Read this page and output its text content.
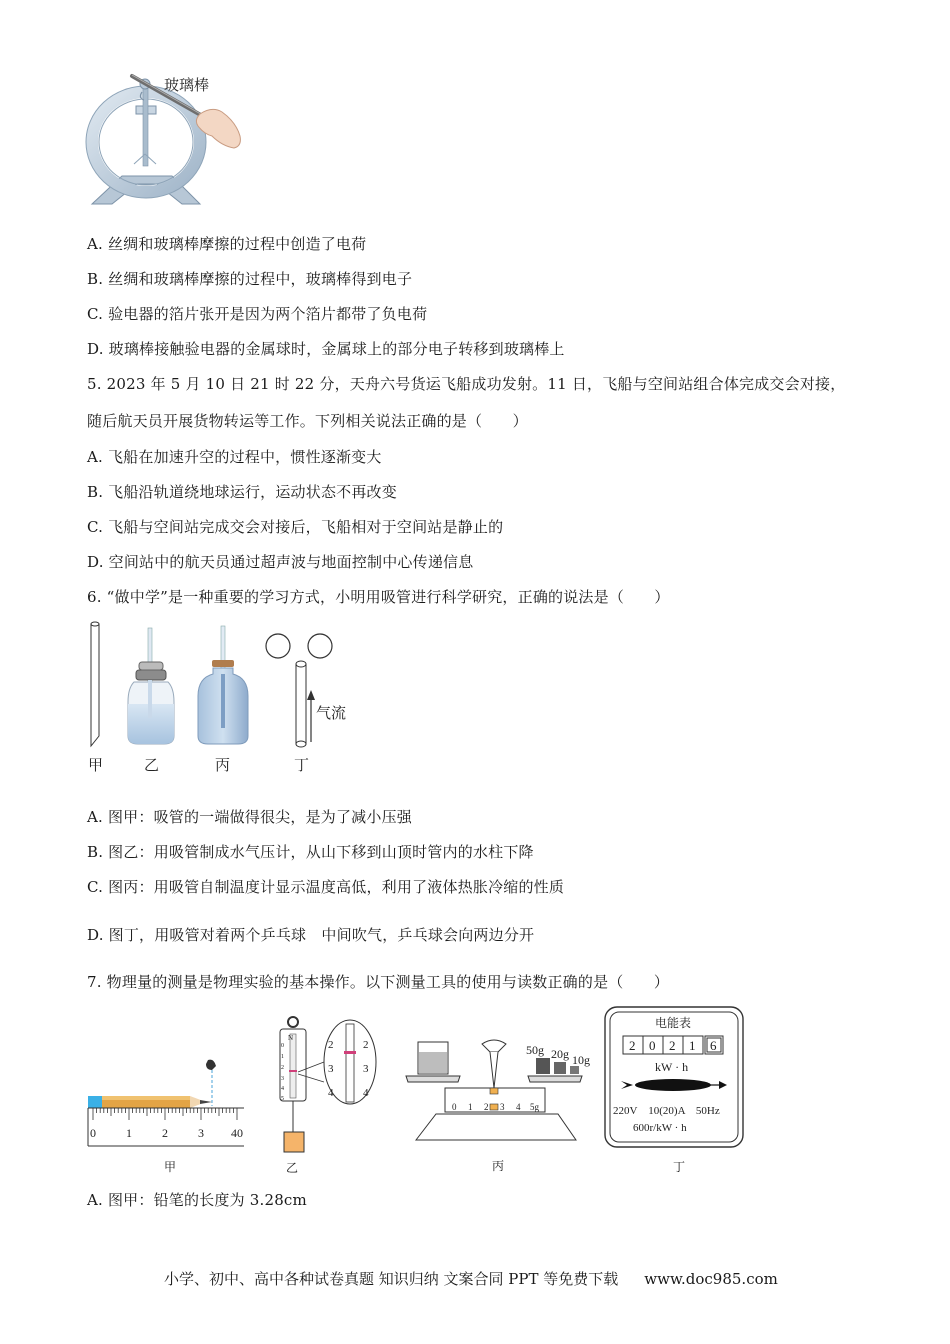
玻璃棒
A. 丝绸和玻璃棒摩擦的过程中创造了电荷
B. 丝绸和玻璃棒摩擦的过程中，玻璃棒得到电子
C. 验电器的箔片张开是因为两个箔片都带了负电荷
D. 玻璃棒接触验电器的金属球时，金属球上的部分电子转移到玻璃棒上
5. 2023 年 5 月 10 日 21 时 22 分，天舟六号货运飞船成功发射。11 日，飞船与空间站组合体完成交会对接，
随后航天员开展货物转运等工作。下列相关说法正确的是（　　）
A. 飞船在加速升空的过程中，惯性逐渐变大
B. 飞船沿轨道绕地球运行，运动状态不再改变
C. 飞船与空间站完成交会对接后，飞船相对于空间站是静止的
D. 空间站中的航天员通过超声波与地面控制中心传递信息
6. “做中学”是一种重要的学习方式，小明用吸管进行科学研究，正确的说法是（　　）
气流
甲	乙	丙	丁
A. 图甲：吸管的一端做得很尖，是为了减小压强
B. 图乙：用吸管制成水气压计，从山下移到山顶时管内的水柱下降
C. 图丙：用吸管自制温度计显示温度高低，利用了液体热胀冷缩的性质
D. 图丁，用吸管对着两个乒乓球　中间吹气，乒乓球会向两边分开
7. 物理量的测量是物理实验的基本操作。以下测量工具的使用与读数正确的是（　　）
0	1	2	3 40
甲
N
0
1
2
3
4
5
2	2
3	3
4	4
乙
50g 20g 10g
0 1 2 3 4 5g
丙
电能表
2 0 2 1 6
kW · h
220V　10(20)A　50Hz
600r/kW · h
丁
A. 图甲：铅笔的长度为 3.28cm
小学、初中、高中各种试卷真题 知识归纳 文案合同 PPT 等免费下载 www.doc985.com
